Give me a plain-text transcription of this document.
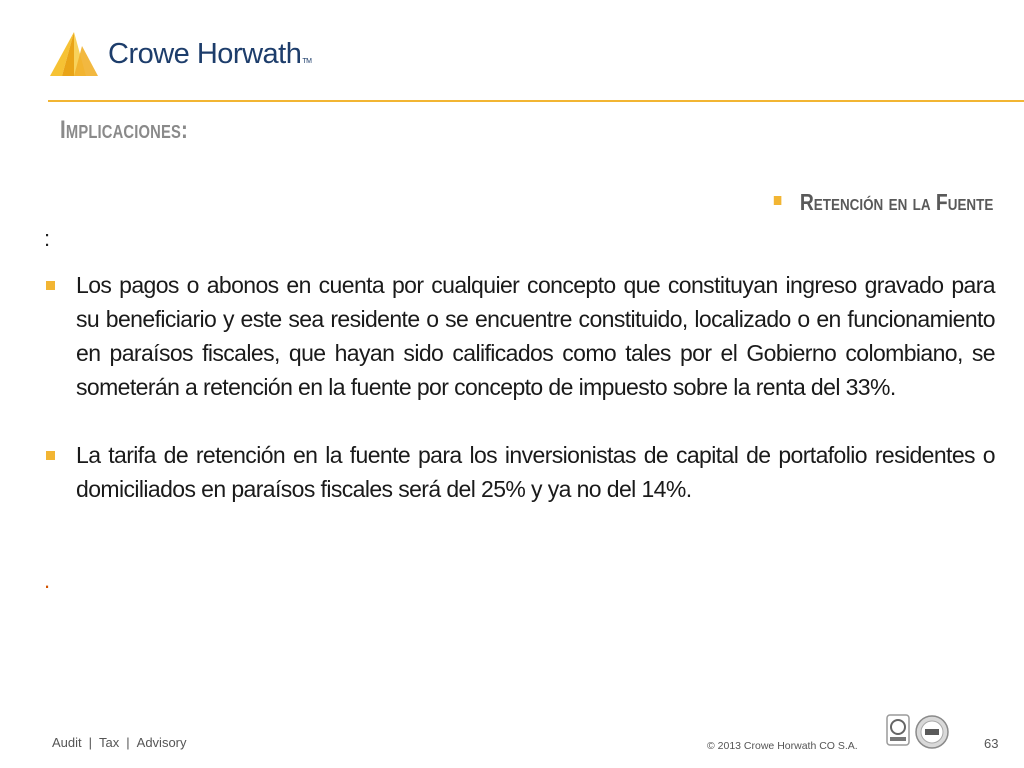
Crowe HorwathTM
Implicaciones:
Retención en la Fuente
:
Los pagos o abonos en cuenta por cualquier concepto que constituyan ingreso gravado para su beneficiario y este sea residente o se encuentre constituido, localizado o en funcionamiento en paraísos fiscales, que hayan sido calificados como tales por el Gobierno colombiano, se someterán a retención en la fuente por concepto de impuesto sobre la renta del 33%.
La tarifa de retención en la fuente para los inversionistas de capital de portafolio residentes o domiciliados en paraísos fiscales será del 25% y ya no del 14%.
.
Audit | Tax | Advisory	© 2013 Crowe Horwath CO S.A.	63
